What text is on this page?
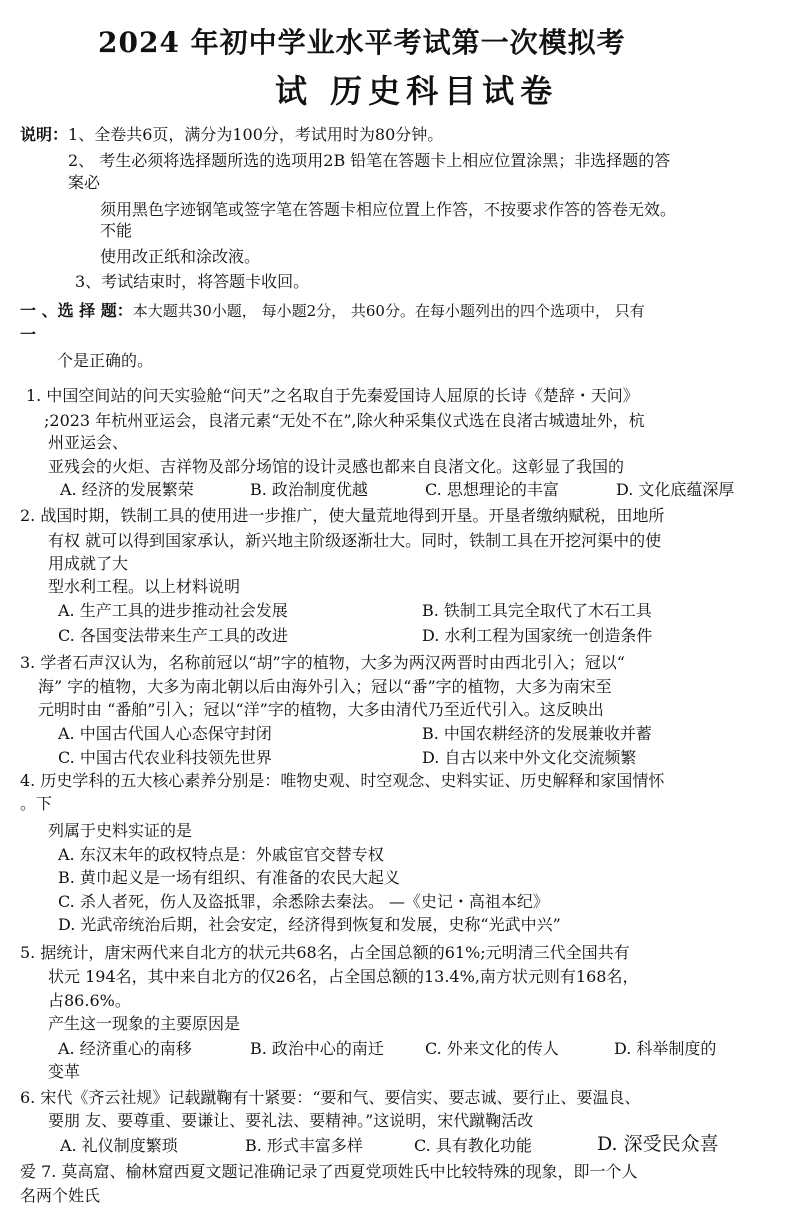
2024 年初中学业水平考试第一次模拟考
试 历史科目试卷
说明：1、全卷共6页，满分为100分，考试用时为80分钟。
2、 考生必须将选择题所选的选项用2B 铅笔在答题卡上相应位置涂黑；非选择题的答
案必
须用黑色字迹钢笔或签字笔在答题卡相应位置上作答，不按要求作答的答卷无效。
不能
使用改正纸和涂改液。
3、考试结束时，将答题卡收回。
一 、选 择 题：本大题共30小题， 每小题2分， 共60分。在每小题列出的四个选项中， 只有
一
个是正确的。
1. 中国空间站的问天实验舱“问天”之名取自于先秦爱国诗人屈原的长诗《楚辞・天问》
;2023 年杭州亚运会，良渚元素“无处不在”,除火种采集仪式选在良渚古城遗址外，杭
州亚运会、
亚残会的火炬、吉祥物及部分场馆的设计灵感也都来自良渚文化。这彰显了我国的
A. 经济的发展繁荣	B. 政治制度优越	C. 思想理论的丰富	D. 文化底蕴深厚
2. 战国时期，铁制工具的使用进一步推广，使大量荒地得到开垦。开垦者缴纳赋税，田地所
有权 就可以得到国家承认，新兴地主阶级逐渐壮大。同时，铁制工具在开挖河渠中的使
用成就了大
型水利工程。以上材料说明
A. 生产工具的进步推动社会发展	B. 铁制工具完全取代了木石工具
C. 各国变法带来生产工具的改进	D. 水利工程为国家统一创造条件
3. 学者石声汉认为，名称前冠以“胡”字的植物，大多为两汉两晋时由西北引入；冠以“
海” 字的植物，大多为南北朝以后由海外引入；冠以“番”字的植物，大多为南宋至
元明时由 “番舶”引入；冠以“洋”字的植物，大多由清代乃至近代引入。这反映出
A. 中国古代国人心态保守封闭	B. 中国农耕经济的发展兼收并蓄
C. 中国古代农业科技领先世界	D. 自古以来中外文化交流频繁
4. 历史学科的五大核心素养分别是：唯物史观、时空观念、史料实证、历史解释和家国情怀
。下
列属于史料实证的是
A. 东汉末年的政权特点是：外戚宦官交替专权
B. 黄巾起义是一场有组织、有准备的农民大起义
C. 杀人者死，伤人及盗抵罪，余悉除去秦法。 —《史记・高祖本纪》
D. 光武帝统治后期，社会安定，经济得到恢复和发展，史称“光武中兴”
5. 据统计，唐宋两代来自北方的状元共68名，占全国总额的61%;元明清三代全国共有
状元 194名，其中来自北方的仅26名，占全国总额的13.4%,南方状元则有168名，
占86.6%。
产生这一现象的主要原因是
A. 经济重心的南移	B. 政治中心的南迁	C. 外来文化的传人	D. 科举制度的
变革
6. 宋代《齐云社规》记载蹴鞠有十紧要：“要和气、要信实、要志诚、要行止、要温良、
要朋 友、要尊重、要谦让、要礼法、要精神。”这说明，宋代蹴鞠活改
A. 礼仪制度繁琐	B. 形式丰富多样	C. 具有教化功能	D. 深受民众喜
爱 7. 莫高窟、榆林窟西夏文题记准确记录了西夏党项姓氏中比较特殊的现象，即一个人
名两个姓氏
